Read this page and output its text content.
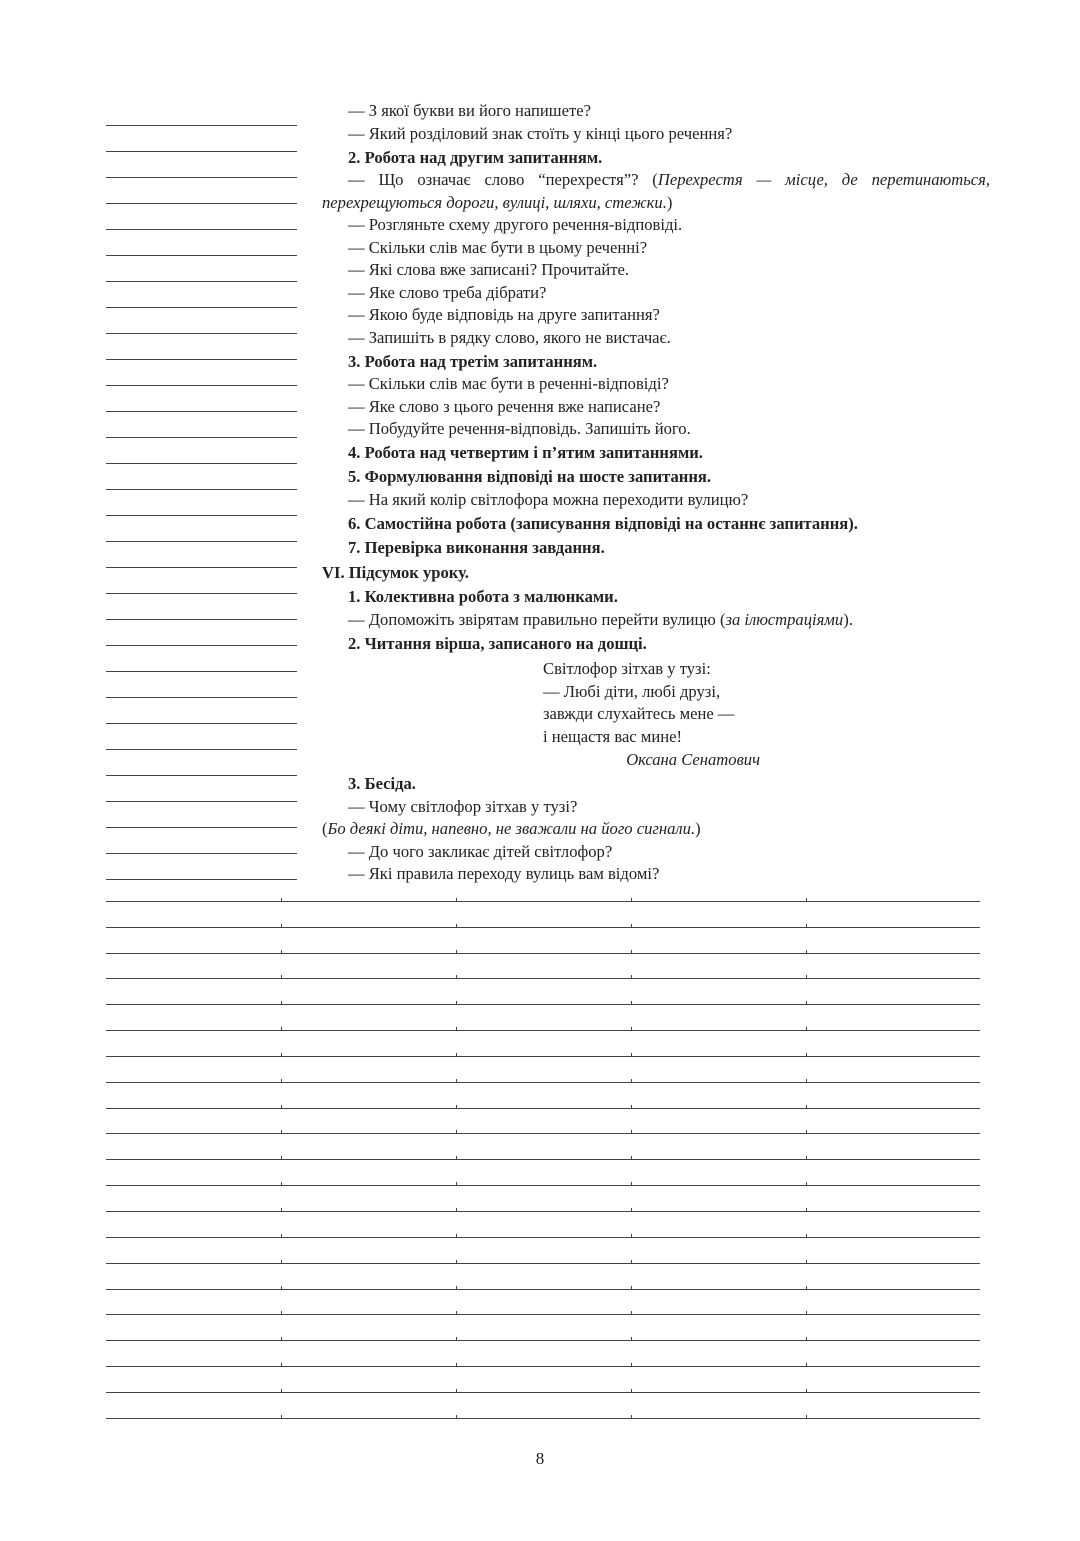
— З якої букви ви його напишете?

— Який розділовий знак стоїть у кінці цього речення?

2. Робота над другим запитанням.

— Що означає слово “перехрестя”? (Перехрестя — місце, де перетинаються, перехрещуються дороги, вулиці, шляхи, стежки.)

— Розгляньте схему другого речення-відповіді.

— Скільки слів має бути в цьому реченні?

— Які слова вже записані? Прочитайте.

— Яке слово треба дібрати?

— Якою буде відповідь на друге запитання?

— Запишіть в рядку слово, якого не вистачає.

3. Робота над третім запитанням.

— Скільки слів має бути в реченні-відповіді?

— Яке слово з цього речення вже написане?

— Побудуйте речення-відповідь. Запишіть його.

4. Робота над четвертим і п’ятим запитаннями.

5. Формулювання відповіді на шосте запитання.

— На який колір світлофора можна переходити вулицю?

6. Самостійна робота (записування відповіді на останнє запитання).

7. Перевірка виконання завдання.

VI. Підсумок уроку.

1. Колективна робота з малюнками.

— Допоможіть звірятам правильно перейти вулицю (за ілюстраціями).

2. Читання вірша, записаного на дошці.

Світлофор зітхав у тузі:

— Любі діти, любі друзі,

завжди слухайтесь мене —

і нещастя вас мине!

Оксана Сенатович

3. Бесіда.

— Чому світлофор зітхав у тузі?

(Бо деякі діти, напевно, не зважали на його сигнали.)

— До чого закликає дітей світлофор?

— Які правила переходу вулиць вам відомі?

8
